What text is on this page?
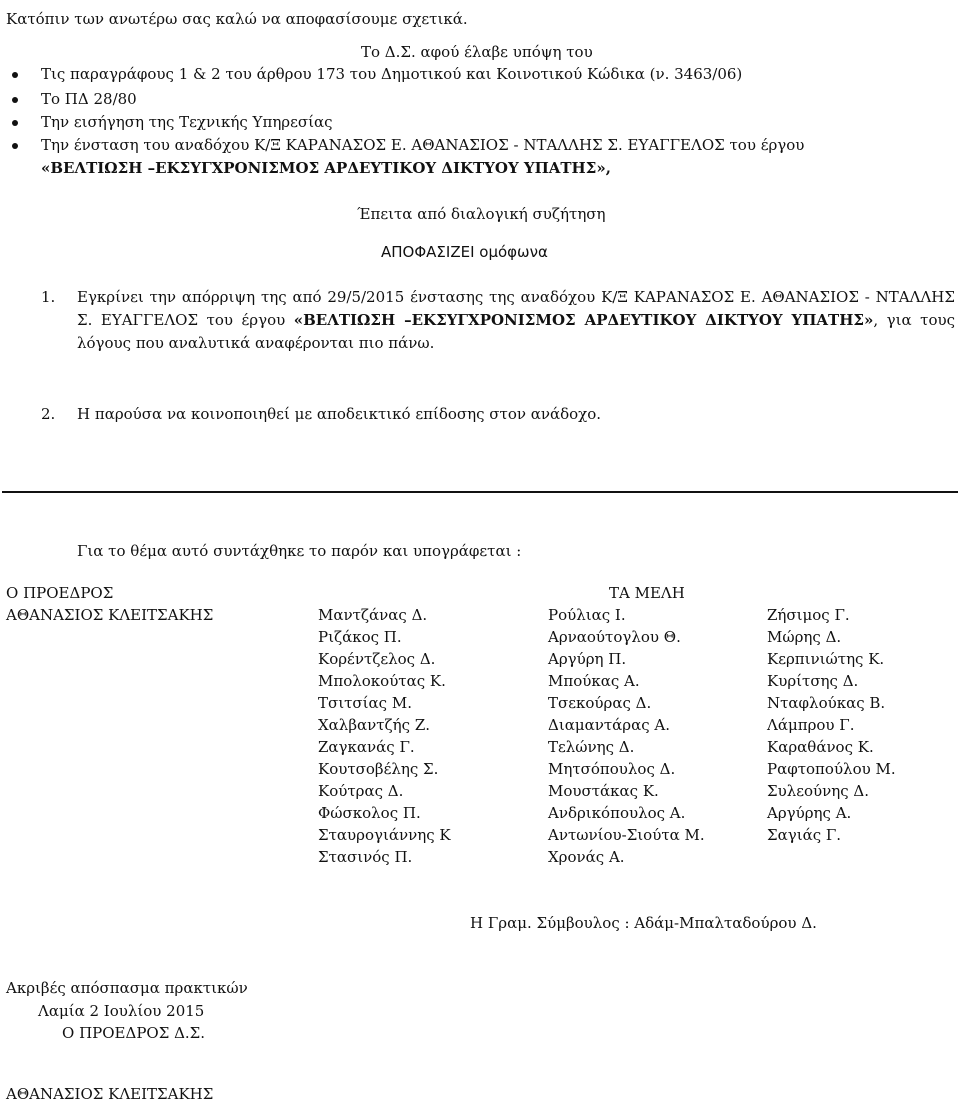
Κατόπιν των ανωτέρω σας καλώ να αποφασίσουμε σχετικά.
Το Δ.Σ. αφού έλαβε υπόψη του
Τις παραγράφους 1 & 2 του άρθρου 173 του Δημοτικού και Κοινοτικού Κώδικα (ν. 3463/06)
Το ΠΔ 28/80
Την εισήγηση της Τεχνικής Υπηρεσίας
Την ένσταση του αναδόχου Κ/Ξ ΚΑΡΑΝΑΣΟΣ Ε. ΑΘΑΝΑΣΙΟΣ - ΝΤΑΛΛΗΣ Σ. ΕΥΑΓΓΕΛΟΣ του έργου
«ΒΕΛΤΙΩΣΗ –ΕΚΣΥΓΧΡΟΝΙΣΜΟΣ ΑΡΔΕΥΤΙΚΟΥ ΔΙΚΤΥΟΥ ΥΠΑΤΗΣ»,
Έπειτα από διαλογική συζήτηση
ΑΠΟΦΑΣΙΖΕΙ ομόφωνα
1. Εγκρίνει την απόρριψη της από 29/5/2015 ένστασης της αναδόχου Κ/Ξ ΚΑΡΑΝΑΣΟΣ Ε. ΑΘΑΝΑΣΙΟΣ - ΝΤΑΛΛΗΣ Σ. ΕΥΑΓΓΕΛΟΣ του έργου «ΒΕΛΤΙΩΣΗ –ΕΚΣΥΓΧΡΟΝΙΣΜΟΣ ΑΡΔΕΥΤΙΚΟΥ ΔΙΚΤΥΟΥ ΥΠΑΤΗΣ», για τους λόγους που αναλυτικά αναφέρονται πιο πάνω.
2. Η παρούσα να κοινοποιηθεί με αποδεικτικό επίδοσης στον ανάδοχο.
Για το θέμα αυτό συντάχθηκε το παρόν και υπογράφεται :
Ο ΠΡΟΕΔΡΟΣ
ΑΘΑΝΑΣΙΟΣ ΚΛΕΙΤΣΑΚΗΣ
ΤΑ ΜΕΛΗ
Μαντζάνας Δ.
Ριζάκος Π.
Κορέντζελος Δ.
Μπολοκούτας Κ.
Τσιτσίας Μ.
Χαλβαντζής Ζ.
Ζαγκανάς Γ.
Κουτσοβέλης Σ.
Κούτρας Δ.
Φώσκολος Π.
Σταυρογιάννης Κ
Στασινός Π.
Ρούλιας Ι.
Αρναούτογλου Θ.
Αργύρη Π.
Μπούκας Α.
Τσεκούρας Δ.
Διαμαντάρας Α.
Τελώνης Δ.
Μητσόπουλος Δ.
Μουστάκας Κ.
Ανδρικόπουλος Α.
Αντωνίου-Σιούτα Μ.
Χρονάς Α.
Ζήσιμος Γ.
Μώρης Δ.
Κερπινιώτης Κ.
Κυρίτσης Δ.
Νταφλούκας Β.
Λάμπρου Γ.
Καραθάνος Κ.
Ραφτοπούλου Μ.
Συλεούνης Δ.
Αργύρης Α.
Σαγιάς Γ.
Η Γραμ. Σύμβουλος : Αδάμ-Μπαλταδούρου Δ.
Ακριβές απόσπασμα πρακτικών
Λαμία 2 Ιουλίου 2015
Ο ΠΡΟΕΔΡΟΣ Δ.Σ.
ΑΘΑΝΑΣΙΟΣ ΚΛΕΙΤΣΑΚΗΣ
